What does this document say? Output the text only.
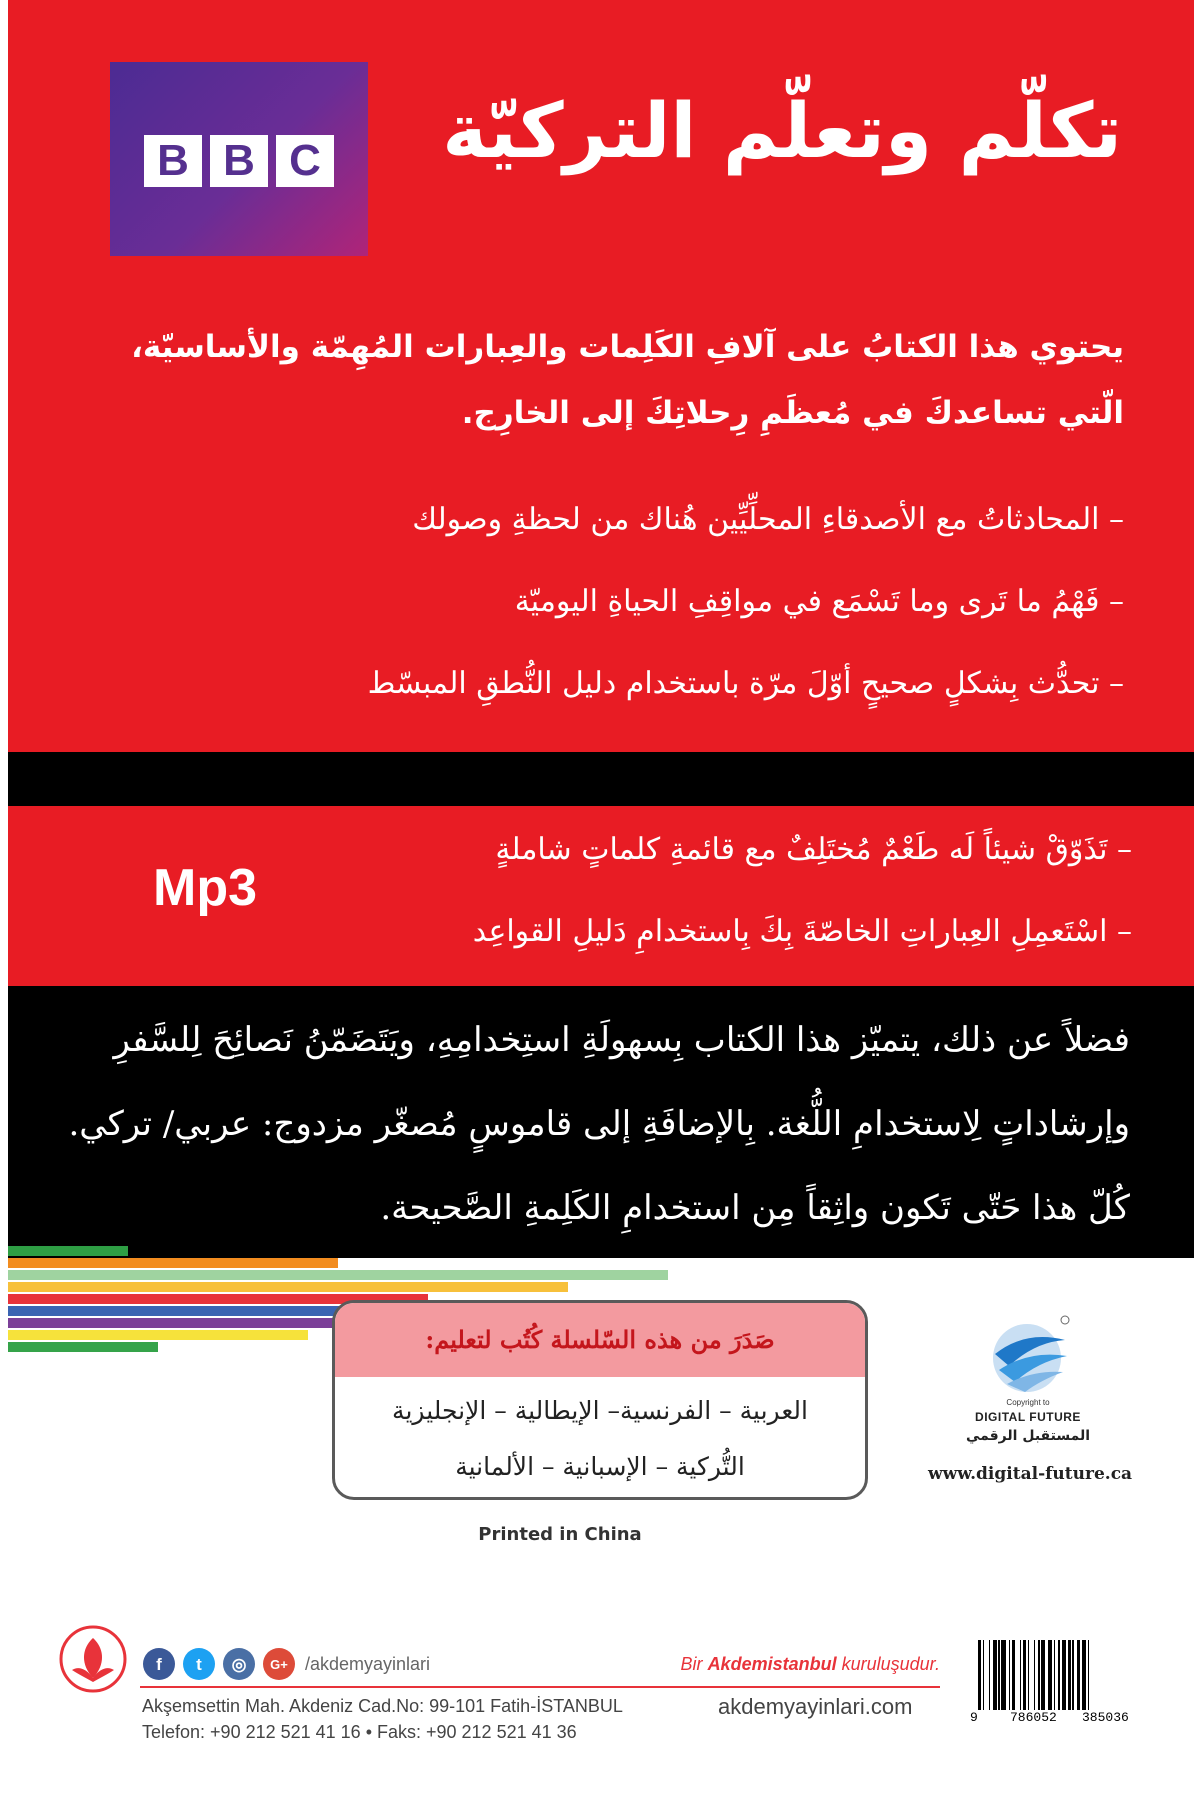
B B C تكلّم وتعلّم التركيّة
يحتوي هذا الكتابُ على آلافِ الكَلِمات والعِبارات المُهِمّة والأساسيّة، الّتي تساعدكَ في مُعظَمِ رِحلاتِكَ إلى الخارِج.
– المحادثاتُ مع الأصدقاءِ المحلِّيِّين هُناك من لحظةِ وصولك
– فَهْمُ ما تَرى وما تَسْمَع في مواقِفِ الحياةِ اليوميّة
– تحدُّث بِشكلٍ صحيحٍ أوّلَ مرّة باستخدام دليل النُّطقِ المبسّط
Mp3
– تَذَوّقْ شيئاً لَه طَعْمٌ مُختَلِفٌ مع قائمةِ كلماتٍ شاملةٍ
– اسْتَعمِلِ العِباراتِ الخاصّةَ بِكَ بِاستخدامِ دَليلِ القواعِد

فضلاً عن ذلك، يتميّز هذا الكتاب بِسهولَةِ استِخدامِهِ، ويَتَضَمّنُ نَصائِحَ لِلسَّفرِ وإرشاداتٍ لِاستخدامِ اللُّغة. بِالإضافَةِ إلى قاموسٍ مُصغّر مزدوج: عربي/ تركي. كُلّ هذا حَتّى تَكون واثِقاً مِن استخدامِ الكَلِمةِ الصَّحيحة.

صَدَرَ من هذه السّلسلة كُتُب لتعليم:
العربية – الفرنسية– الإيطالية – الإنجليزية
التُّركية – الإسبانية – الألمانية
Copyright to
DIGITAL FUTURE
المستقبل الرقمي
www.digital-future.ca
Printed in China
f	t	◎	G+ /akdemyayinlari	Bir Akdemistanbul kuruluşudur.
Akşemsettin Mah. Akdeniz Cad.No: 99-101 Fatih-İSTANBUL
Telefon: +90 212 521 41 16 • Faks: +90 212 521 41 36
akdemyayinlari.com	9 786052 385036
